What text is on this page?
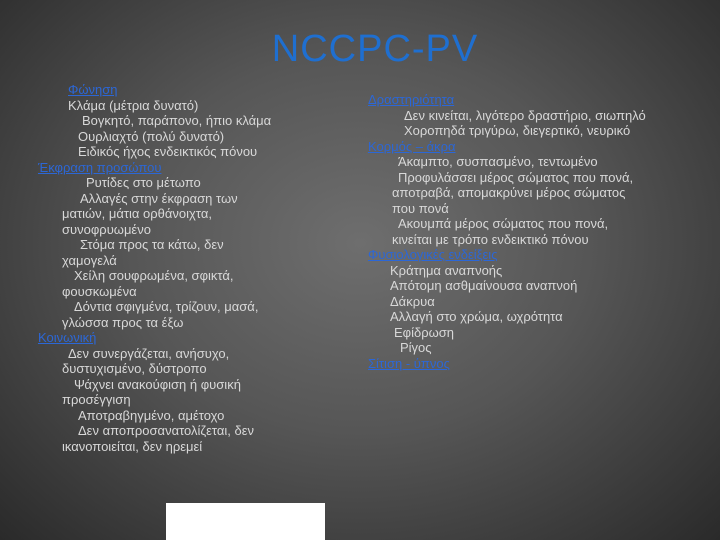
NCCPC-PV
Φώνηση
Κλάμα (μέτρια δυνατό)
Βογκητό, παράπονο, ήπιο κλάμα
Ουρλιαχτό (πολύ δυνατό)
Ειδικός ήχος ενδεικτικός πόνου
Έκφραση προσώπου
Ρυτίδες στο μέτωπο
Αλλαγές στην έκφραση των
ματιών, μάτια ορθάνοιχτα,
συνοφρυωμένο
Στόμα προς τα κάτω, δεν
χαμογελά
Χείλη σουφρωμένα, σφικτά,
φουσκωμένα
Δόντια σφιγμένα, τρίζουν, μασά,
γλώσσα προς τα έξω
Κοινωνική
Δεν συνεργάζεται, ανήσυχο,
δυστυχισμένο, δύστροπο
Ψάχνει ανακούφιση ή φυσική
προσέγγιση
Αποτραβηγμένο, αμέτοχο
Δεν αποπροσανατολίζεται, δεν
ικανοποιείται, δεν ηρεμεί
Δραστηριότητα
Δεν κινείται, λιγότερο δραστήριο, σιωπηλό
Χοροπηδά τριγύρω, διεγερτικό, νευρικό
Κορμός – άκρα
Άκαμπτο, συσπασμένο, τεντωμένο
Προφυλάσσει μέρος σώματος που πονά,
αποτραβά, απομακρύνει μέρος σώματος
που πονά
Ακουμπά μέρος σώματος που πονά,
κινείται με τρόπο ενδεικτικό πόνου
Φυσιολογικές ενδείξεις
Κράτημα αναπνοής
Απότομη ασθμαίνουσα αναπνοή
Δάκρυα
Αλλαγή στο χρώμα, ωχρότητα
Εφίδρωση
Ρίγος
Σίτιση - ύπνος
